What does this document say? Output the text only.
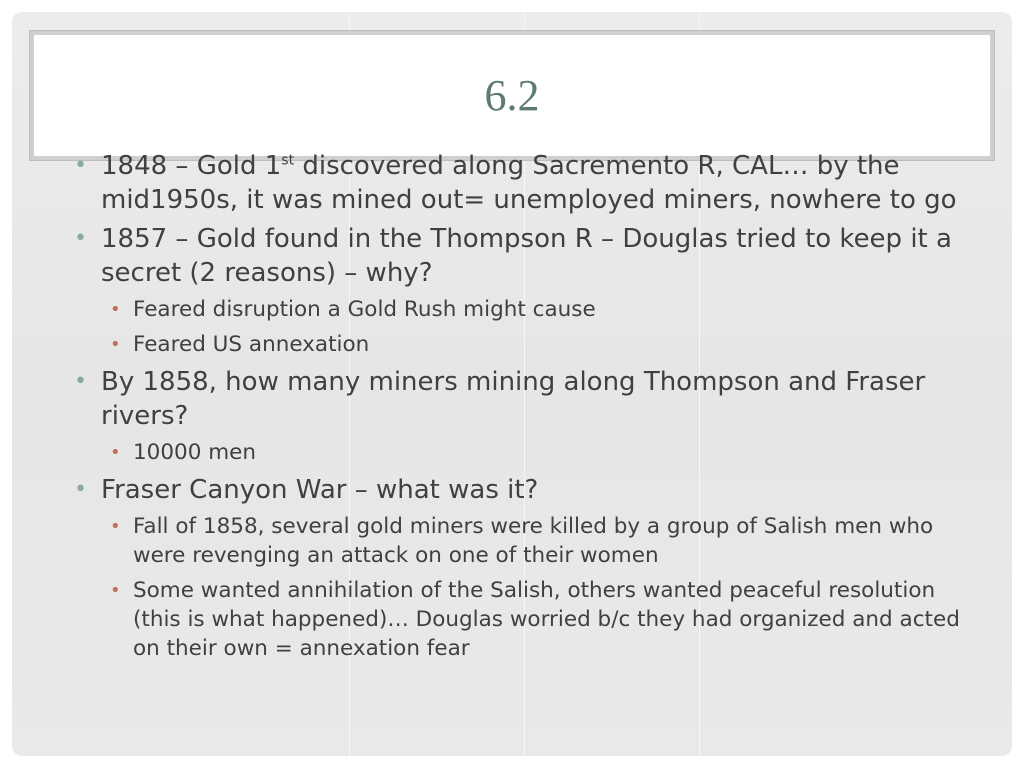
6.2
• 1848 – Gold 1st discovered along Sacremento R, CAL… by the mid1950s, it was mined out= unemployed miners, nowhere to go
• 1857 – Gold found in the Thompson R – Douglas tried to keep it a secret (2 reasons) – why?
• Feared disruption a Gold Rush might cause
• Feared US annexation
• By 1858, how many miners mining along Thompson and Fraser rivers?
• 10000 men
• Fraser Canyon War – what was it?
• Fall of 1858, several gold miners were killed by a group of Salish men who were revenging an attack on one of their women
• Some wanted annihilation of the Salish, others wanted peaceful resolution (this is what happened)… Douglas worried b/c they had organized and acted on their own = annexation fear
